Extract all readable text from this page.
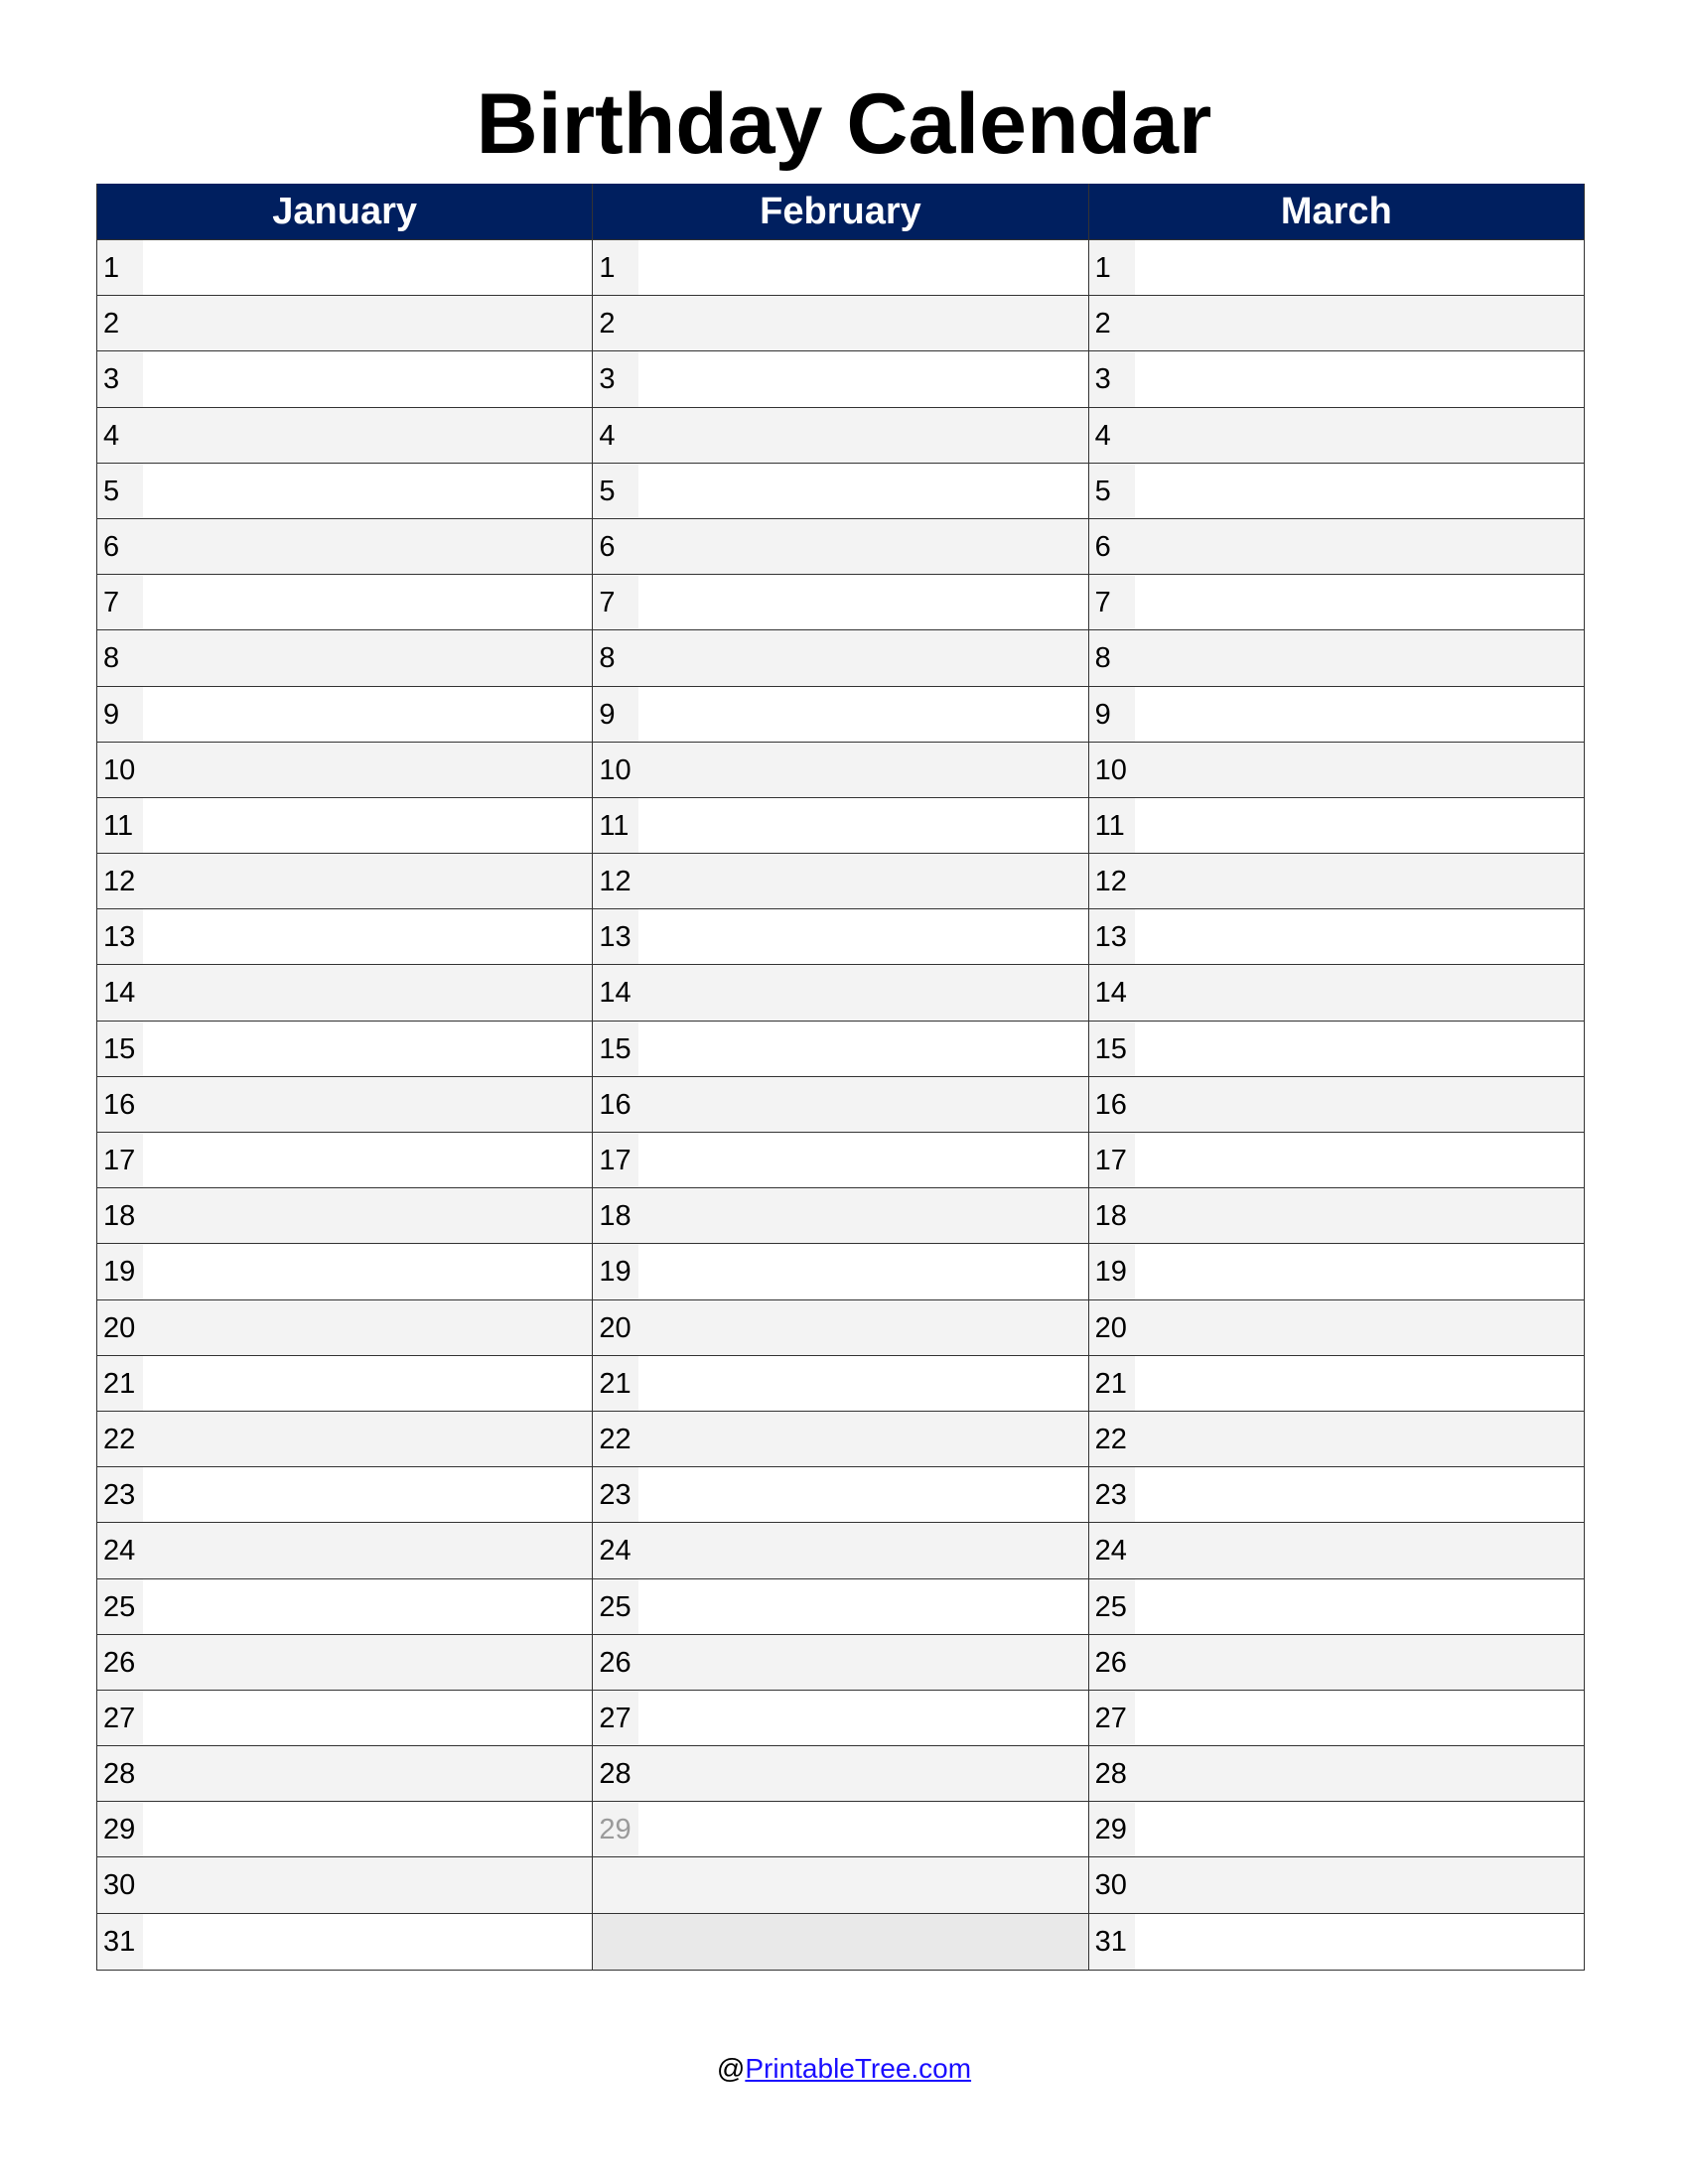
Birthday Calendar
January
1
2
3
4
5
6
7
8
9
10
11
12
13
14
15
16
17
18
19
20
21
22
23
24
25
26
27
28
29
30
31
February
1
2
3
4
5
6
7
8
9
10
11
12
13
14
15
16
17
18
19
20
21
22
23
24
25
26
27
28
29
March
1
2
3
4
5
6
7
8
9
10
11
12
13
14
15
16
17
18
19
20
21
22
23
24
25
26
27
28
29
30
31
@PrintableTree.com
